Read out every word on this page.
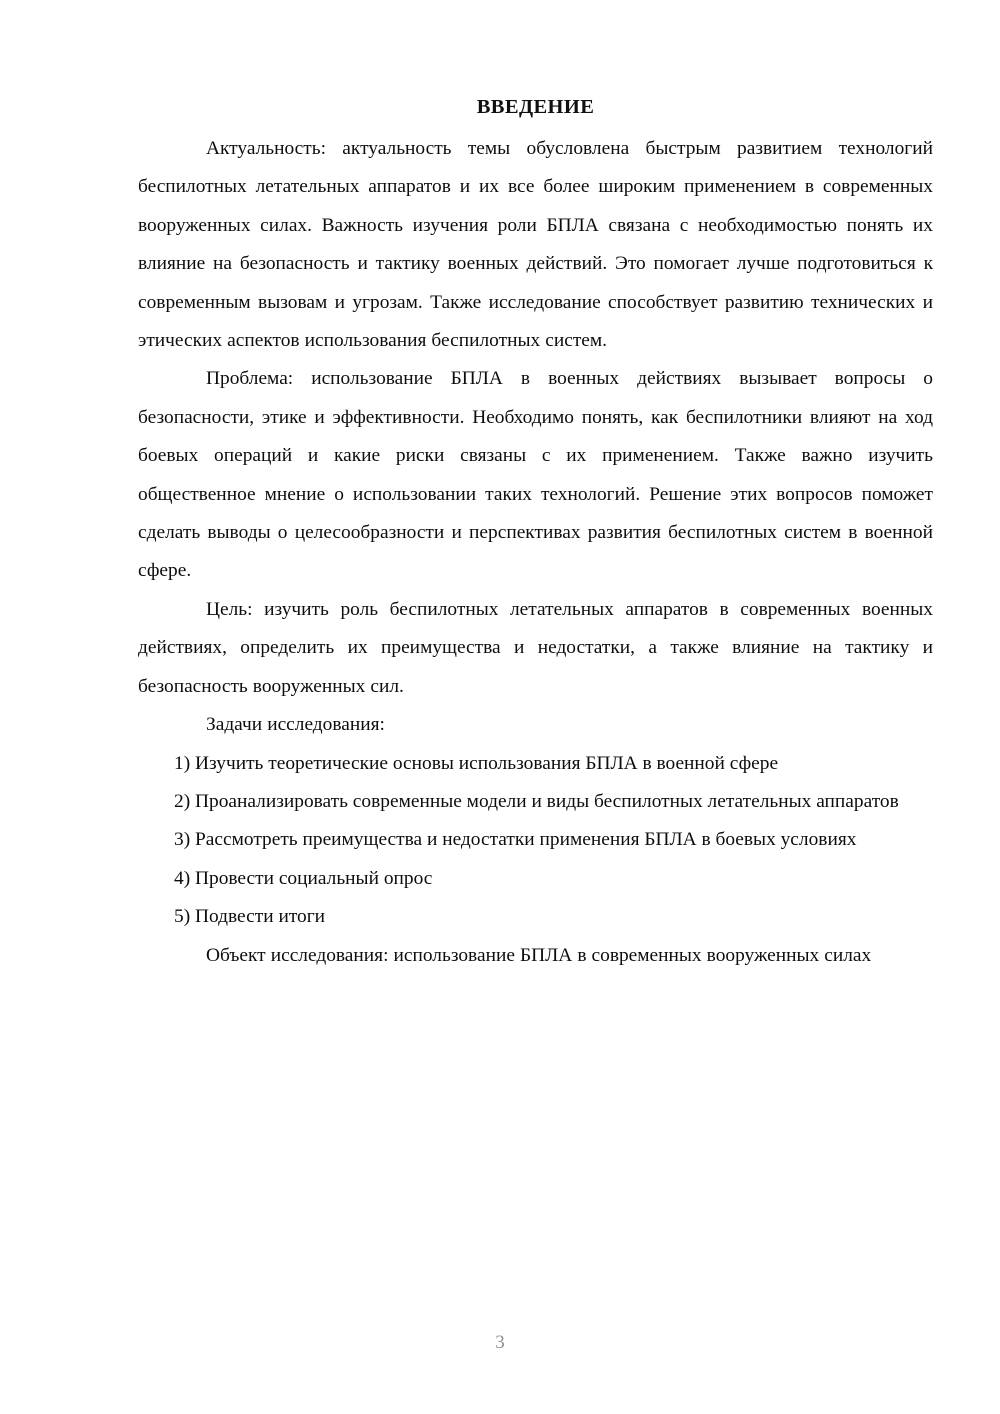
ВВЕДЕНИЕ

Актуальность: актуальность темы обусловлена быстрым развитием технологий беспилотных летательных аппаратов и их все более широким применением в современных вооруженных силах. Важность изучения роли БПЛА связана с необходимостью понять их влияние на безопасность и тактику военных действий. Это помогает лучше подготовиться к современным вызовам и угрозам. Также исследование способствует развитию технических и этических аспектов использования беспилотных систем.

Проблема: использование БПЛА в военных действиях вызывает вопросы о безопасности, этике и эффективности. Необходимо понять, как беспилотники влияют на ход боевых операций и какие риски связаны с их применением. Также важно изучить общественное мнение о использовании таких технологий. Решение этих вопросов поможет сделать выводы о целесообразности и перспективах развития беспилотных систем в военной сфере.

Цель: изучить роль беспилотных летательных аппаратов в современных военных действиях, определить их преимущества и недостатки, а также влияние на тактику и безопасность вооруженных сил.

Задачи исследования:

1) Изучить теоретические основы использования БПЛА в военной сфере

2) Проанализировать современные модели и виды беспилотных летательных аппаратов

3) Рассмотреть преимущества и недостатки применения БПЛА в боевых условиях

4) Провести социальный опрос

5) Подвести итоги

Объект исследования: использование БПЛА в современных вооруженных силах

3
